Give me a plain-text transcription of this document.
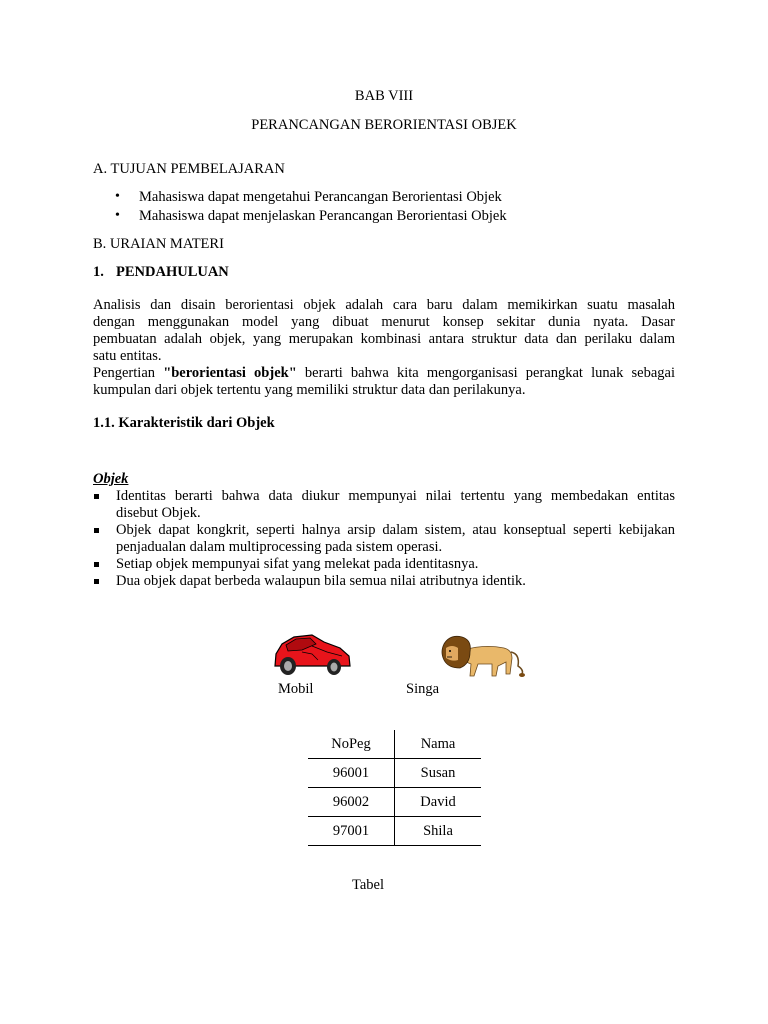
BAB VIII
PERANCANGAN BERORIENTASI OBJEK
A. TUJUAN PEMBELAJARAN
• Mahasiswa dapat mengetahui Perancangan Berorientasi Objek
• Mahasiswa dapat menjelaskan Perancangan Berorientasi Objek
B. URAIAN MATERI
1. PENDAHULUAN
Analisis dan disain berorientasi objek adalah cara baru dalam memikirkan suatu masalah
dengan menggunakan model yang dibuat menurut konsep sekitar dunia nyata. Dasar
pembuatan adalah objek, yang merupakan kombinasi antara struktur data dan perilaku dalam
satu entitas.
Pengertian "berorientasi objek" berarti bahwa kita mengorganisasi perangkat lunak sebagai
kumpulan dari objek tertentu yang memiliki struktur data dan perilakunya.
1.1. Karakteristik dari Objek
Objek
Identitas berarti bahwa data diukur mempunyai nilai tertentu yang membedakan entitas
disebut Objek.
Objek dapat kongkrit, seperti halnya arsip dalam sistem, atau konseptual seperti kebijakan
penjadualan dalam multiprocessing pada sistem operasi.
Setiap objek mempunyai sifat yang melekat pada identitasnya.
Dua objek dapat berbeda walaupun bila semua nilai atributnya identik.
Mobil	Singa
NoPeg	Nama
96001	Susan
96002	David
97001	Shila
Tabel
